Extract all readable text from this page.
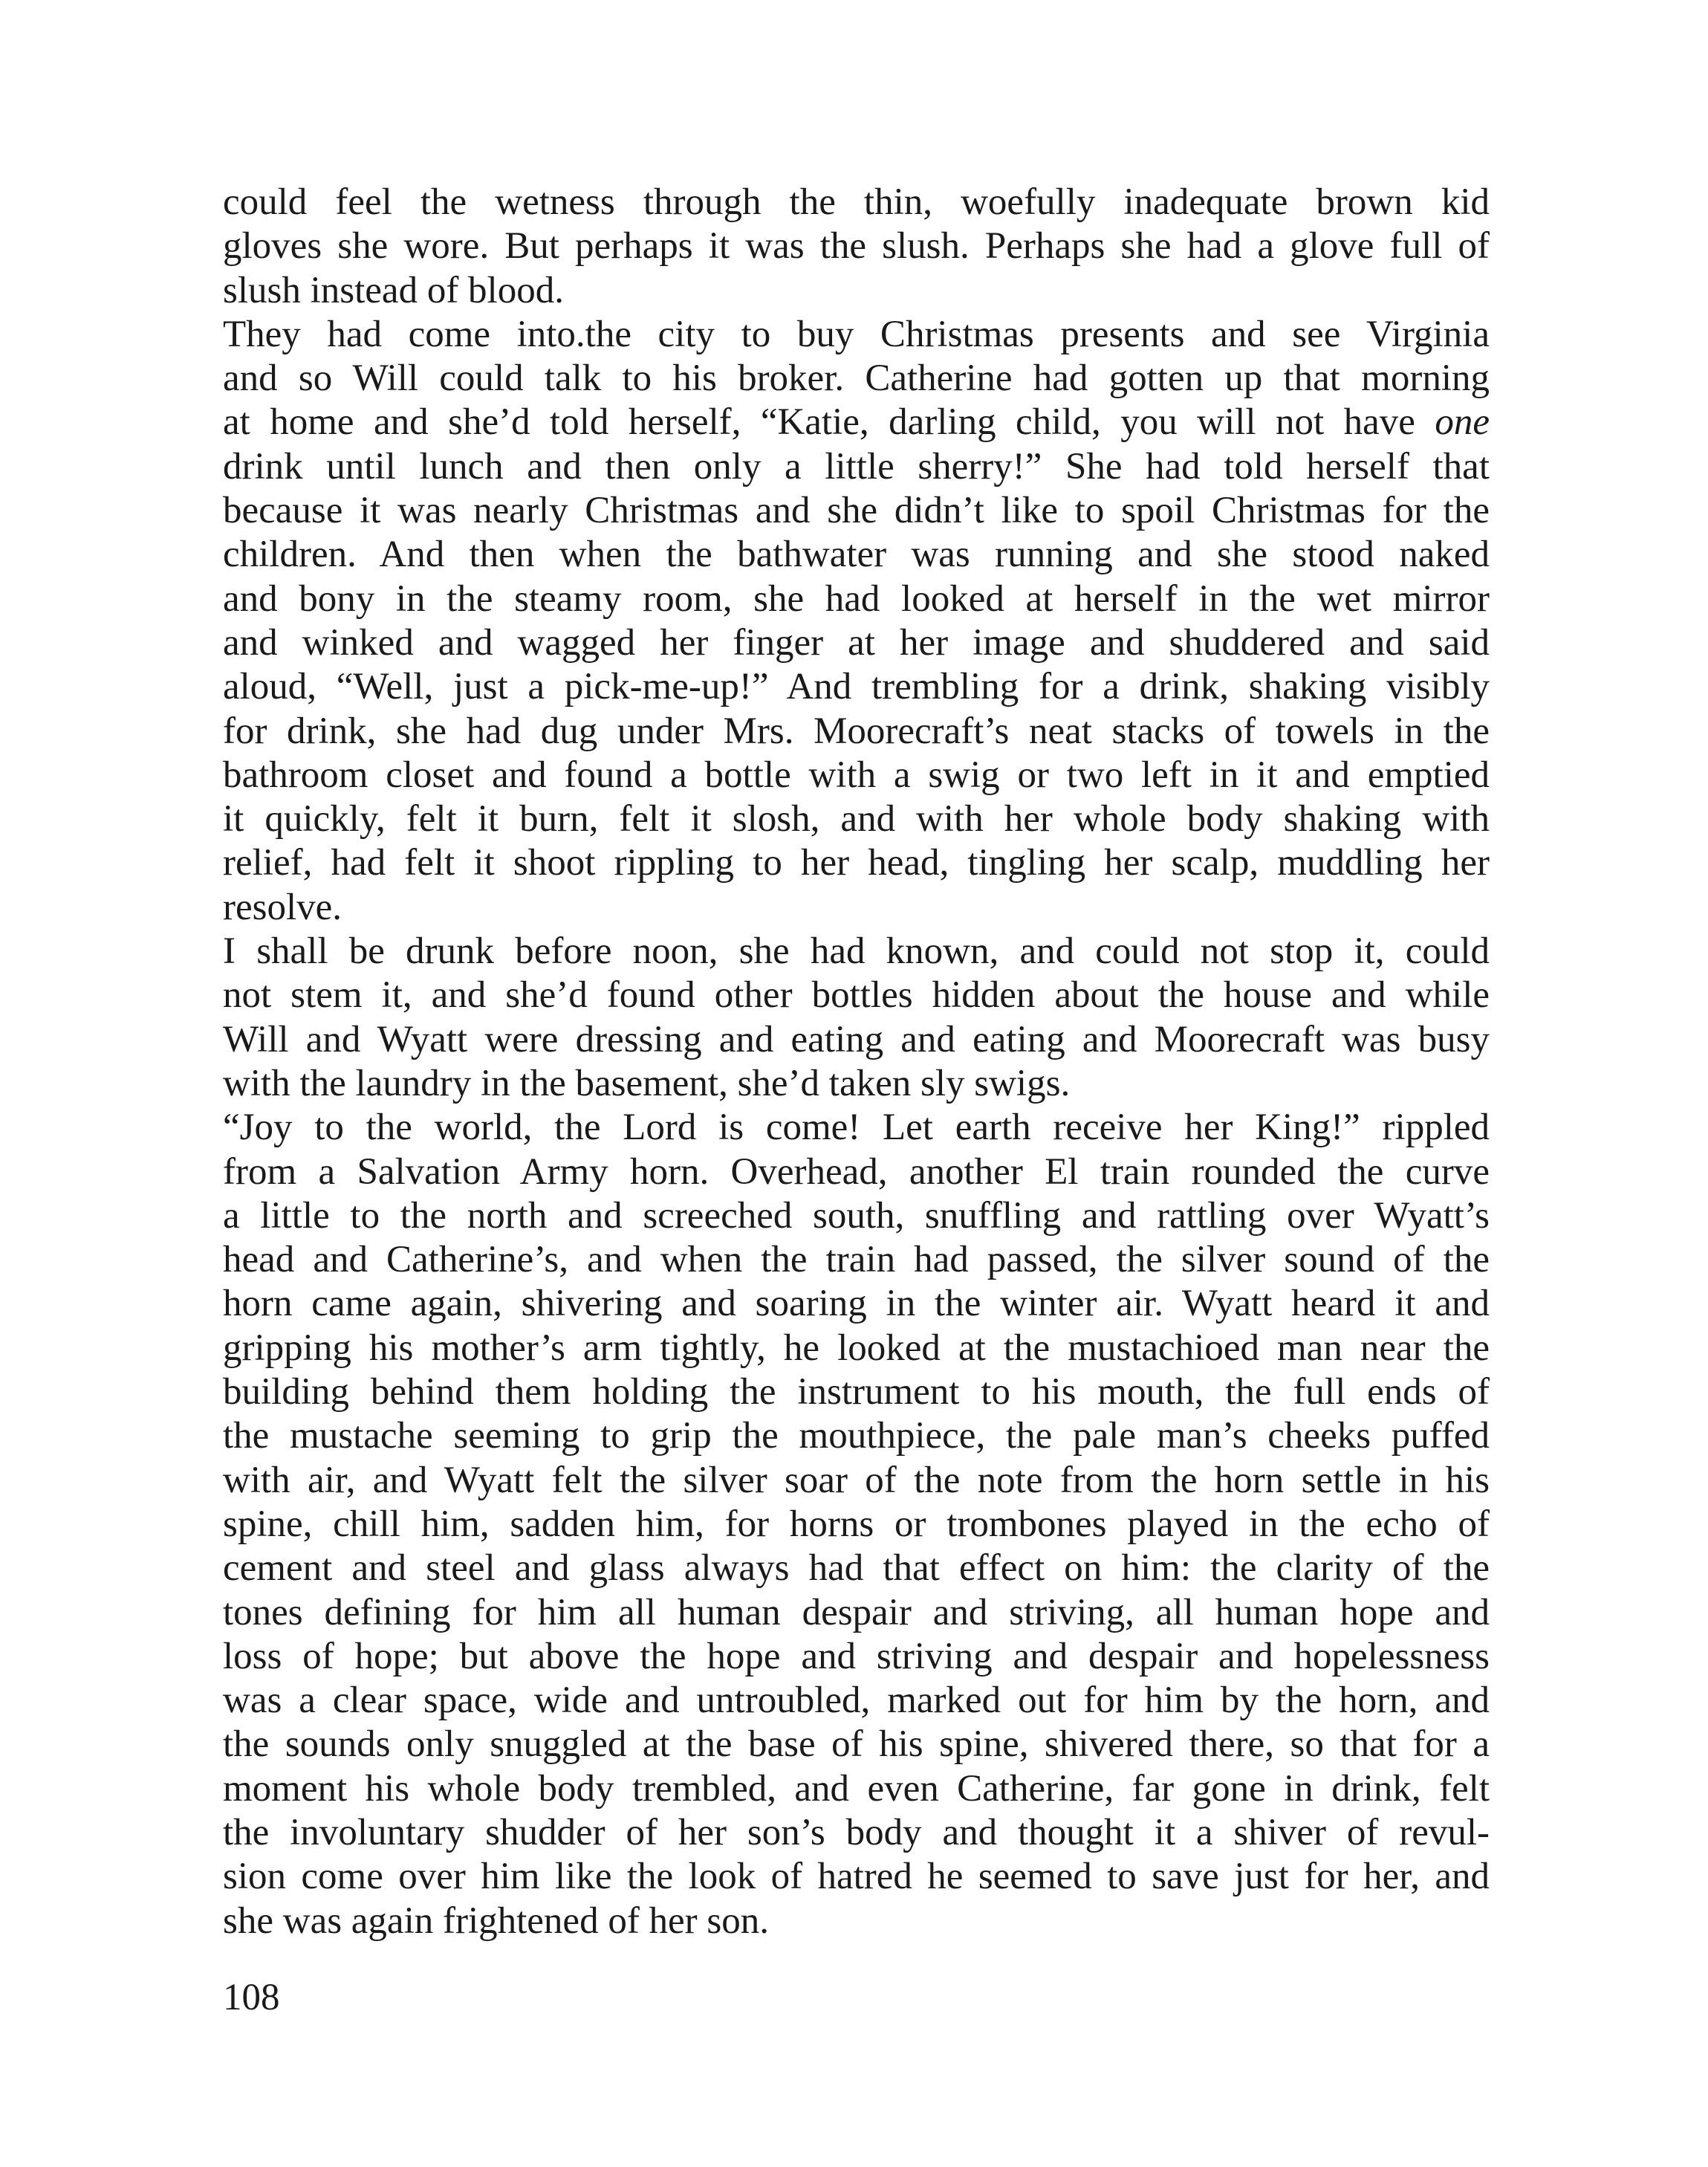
could feel the wetness through the thin, woefully inadequate brown kid
gloves she wore. But perhaps it was the slush. Perhaps she had a glove full of
slush instead of blood.
They had come into.the city to buy Christmas presents and see Virginia
and so Will could talk to his broker. Catherine had gotten up that morning
at home and she’d told herself, “Katie, darling child, you will not have one
drink until lunch and then only a little sherry!” She had told herself that
because it was nearly Christmas and she didn’t like to spoil Christmas for the
children. And then when the bathwater was running and she stood naked
and bony in the steamy room, she had looked at herself in the wet mirror
and winked and wagged her finger at her image and shuddered and said
aloud, “Well, just a pick-me-up!” And trembling for a drink, shaking visibly
for drink, she had dug under Mrs. Moorecraft’s neat stacks of towels in the
bathroom closet and found a bottle with a swig or two left in it and emptied
it quickly, felt it burn, felt it slosh, and with her whole body shaking with
relief, had felt it shoot rippling to her head, tingling her scalp, muddling her
resolve.
I shall be drunk before noon, she had known, and could not stop it, could
not stem it, and she’d found other bottles hidden about the house and while
Will and Wyatt were dressing and eating and eating and Moorecraft was busy
with the laundry in the basement, she’d taken sly swigs.
“Joy to the world, the Lord is come! Let earth receive her King!” rippled
from a Salvation Army horn. Overhead, another El train rounded the curve
a little to the north and screeched south, snuffling and rattling over Wyatt’s
head and Catherine’s, and when the train had passed, the silver sound of the
horn came again, shivering and soaring in the winter air. Wyatt heard it and
gripping his mother’s arm tightly, he looked at the mustachioed man near the
building behind them holding the instrument to his mouth, the full ends of
the mustache seeming to grip the mouthpiece, the pale man’s cheeks puffed
with air, and Wyatt felt the silver soar of the note from the horn settle in his
spine, chill him, sadden him, for horns or trombones played in the echo of
cement and steel and glass always had that effect on him: the clarity of the
tones defining for him all human despair and striving, all human hope and
loss of hope; but above the hope and striving and despair and hopelessness
was a clear space, wide and untroubled, marked out for him by the horn, and
the sounds only snuggled at the base of his spine, shivered there, so that for a
moment his whole body trembled, and even Catherine, far gone in drink, felt
the involuntary shudder of her son’s body and thought it a shiver of revul-
sion come over him like the look of hatred he seemed to save just for her, and
she was again frightened of her son.
108
